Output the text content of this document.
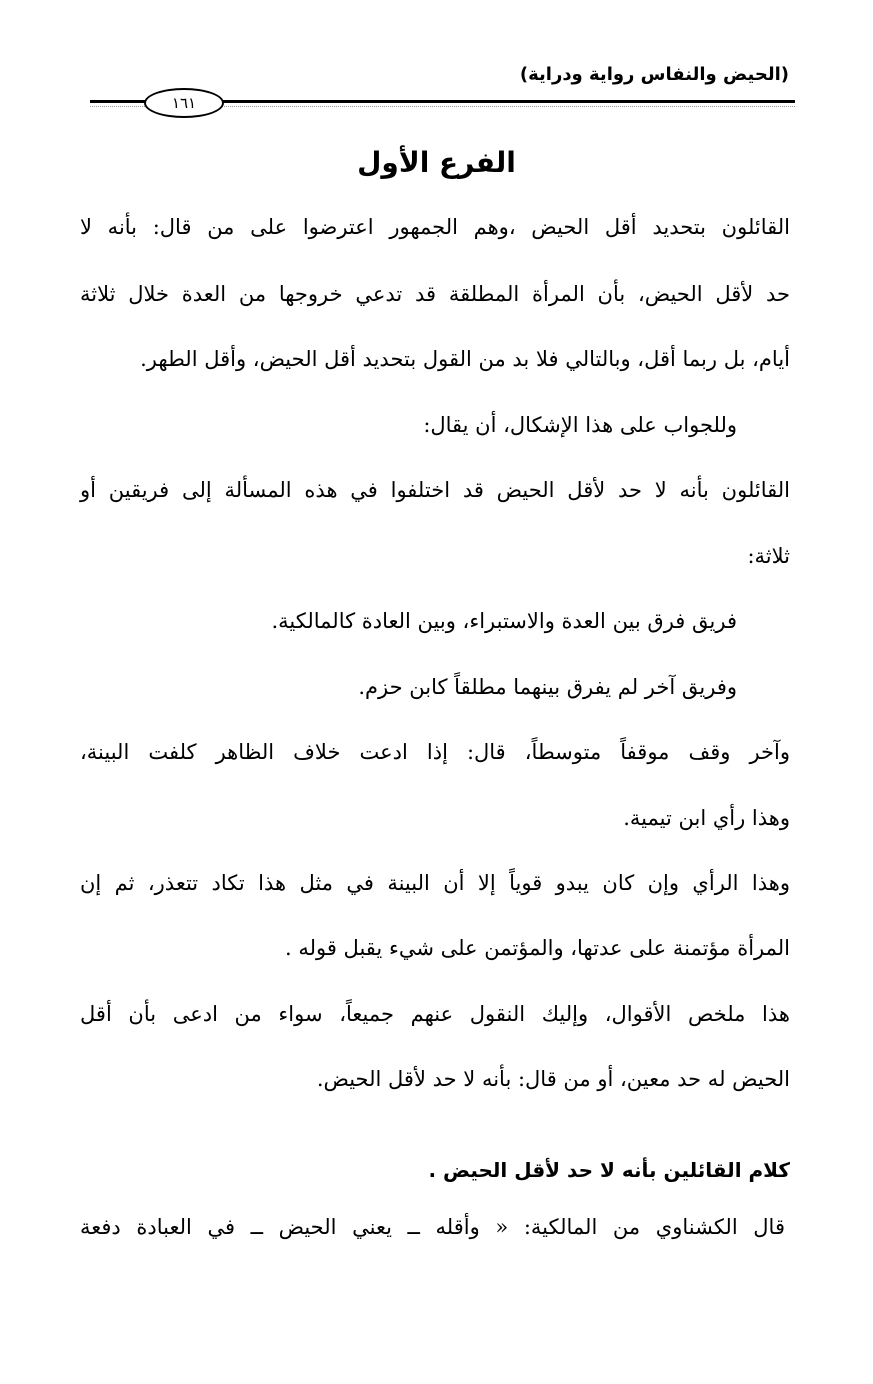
(الحيض والنفاس رواية ودراية)
١٦١
الفرع الأول
القائلون بتحديد أقل الحيض ،وهم الجمهور اعترضوا على من قال: بأنه لا
حد لأقل الحيض، بأن المرأة المطلقة قد تدعي خروجها من العدة خلال ثلاثة
أيام، بل ربما أقل، وبالتالي فلا بد من القول بتحديد أقل الحيض، وأقل الطهر.
وللجواب على هذا الإشكال، أن يقال:
القائلون بأنه لا حد لأقل الحيض قد اختلفوا في هذه المسألة إلى فريقين أو
ثلاثة:
فريق فرق بين العدة والاستبراء، وبين العادة كالمالكية.
وفريق آخر لم يفرق بينهما مطلقاً كابن حزم.
وآخر وقف موقفاً متوسطاً، قال: إذا ادعت خلاف الظاهر كلفت البينة،
وهذا رأي ابن تيمية.
وهذا الرأي وإن كان يبدو قوياً إلا أن البينة في مثل هذا تكاد تتعذر، ثم إن
المرأة مؤتمنة على عدتها، والمؤتمن على شيء يقبل قوله .
هذا ملخص الأقوال، وإليك النقول عنهم جميعاً، سواء من ادعى بأن أقل
الحيض له حد معين، أو من قال: بأنه لا حد لأقل الحيض.
كلام القائلين بأنه لا حد لأقل الحيض .
قال الكشناوي من المالكية: « وأقله ــ يعني الحيض ــ في العبادة دفعة
